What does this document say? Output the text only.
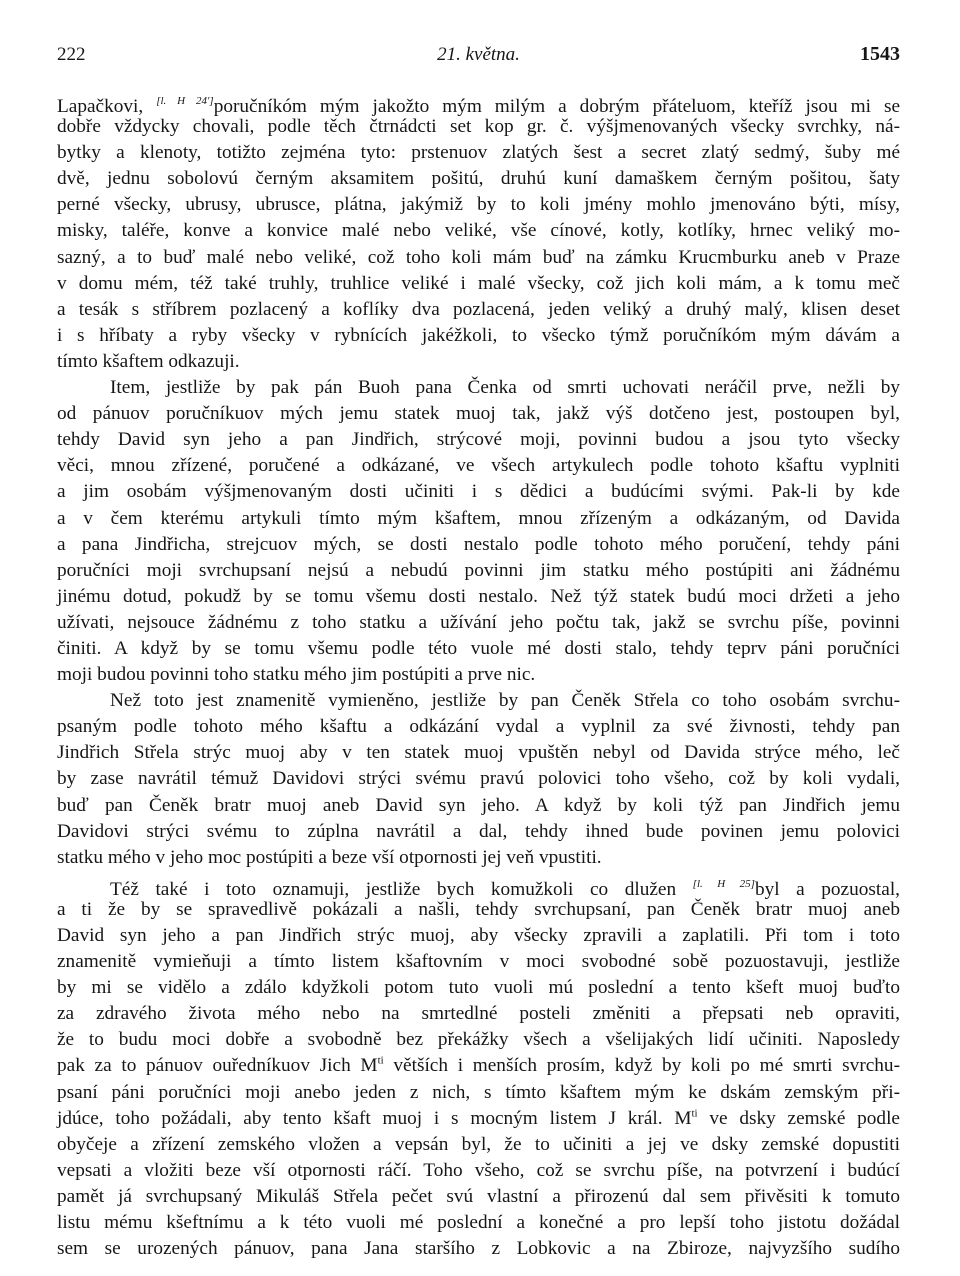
222	21. května.	1543
Lapačkovi, [l. H 24']poručníkóm mým jakožto mým milým a dobrým přáteluom, kteříž jsou mi se
dobře vždycky chovali, podle těch čtrnádcti set kop gr. č. výšjmenovaných všecky svrchky, ná-
bytky a klenoty, totižto zejména tyto: prstenuov zlatých šest a secret zlatý sedmý, šuby mé
dvě, jednu sobolovú černým aksamitem pošitú, druhú kuní damaškem černým pošitou, šaty
perné všecky, ubrusy, ubrusce, plátna, jakýmiž by to koli jmény mohlo jmenováno býti, mísy,
misky, taléře, konve a konvice malé nebo veliké, vše cínové, kotly, kotlíky, hrnec veliký mo-
sazný, a to buď malé nebo veliké, což toho koli mám buď na zámku Krucmburku aneb v Praze
v domu mém, též také truhly, truhlice veliké i malé všecky, což jich koli mám, a k tomu meč
a tesák s stříbrem pozlacený a koflíky dva pozlacená, jeden veliký a druhý malý, klisen deset
i s hříbaty a ryby všecky v rybnících jakéžkoli, to všecko týmž poručníkóm mým dávám a
tímto kšaftem odkazuji.
Item, jestliže by pak pán Buoh pana Čenka od smrti uchovati neráčil prve, nežli by
od pánuov poručníkuov mých jemu statek muoj tak, jakž výš dotčeno jest, postoupen byl,
tehdy David syn jeho a pan Jindřich, strýcové moji, povinni budou a jsou tyto všecky
věci, mnou zřízené, poručené a odkázané, ve všech artykulech podle tohoto kšaftu vyplniti
a jim osobám výšjmenovaným dosti učiniti i s dědici a budúcími svými. Pak-li by kde
a v čem kterému artykuli tímto mým kšaftem, mnou zřízeným a odkázaným, od Davida
a pana Jindřicha, strejcuov mých, se dosti nestalo podle tohoto mého poručení, tehdy páni
poručníci moji svrchupsaní nejsú a nebudú povinni jim statku mého postúpiti ani žádnému
jinému dotud, pokudž by se tomu všemu dosti nestalo. Než týž statek budú moci držeti a jeho
užívati, nejsouce žádnému z toho statku a užívání jeho počtu tak, jakž se svrchu píše, povinni
činiti. A když by se tomu všemu podle této vuole mé dosti stalo, tehdy teprv páni poručníci
moji budou povinni toho statku mého jim postúpiti a prve nic.
Než toto jest znamenitě vymieněno, jestliže by pan Čeněk Střela co toho osobám svrchu-
psaným podle tohoto mého kšaftu a odkázání vydal a vyplnil za své živnosti, tehdy pan
Jindřich Střela strýc muoj aby v ten statek muoj vpuštěn nebyl od Davida strýce mého, leč
by zase navrátil témuž Davidovi strýci svému pravú polovici toho všeho, což by koli vydali,
buď pan Čeněk bratr muoj aneb David syn jeho. A když by koli týž pan Jindřich jemu
Davidovi strýci svému to zúplna navrátil a dal, tehdy ihned bude povinen jemu polovici
statku mého v jeho moc postúpiti a beze vší otpornosti jej veň vpustiti.
Též také i toto oznamuji, jestliže bych komužkoli co dlužen [l. H 25]byl a pozuostal,
a ti že by se spravedlivě pokázali a našli, tehdy svrchupsaní, pan Čeněk bratr muoj aneb
David syn jeho a pan Jindřich strýc muoj, aby všecky zpravili a zaplatili. Při tom i toto
znamenitě vymieňuji a tímto listem kšaftovním v moci svobodné sobě pozuostavuji, jestliže
by mi se vidělo a zdálo kdyžkoli potom tuto vuoli mú poslední a tento kšeft muoj buďto
za zdravého života mého nebo na smrtedlné posteli změniti a přepsati neb opraviti,
že to budu moci dobře a svobodně bez překážky všech a všelijakých lidí učiniti. Naposledy
pak za to pánuov ouředníkuov Jich $M^{ti}$ větších i menších prosím, když by koli po mé smrti svrchu-
psaní páni poručníci moji anebo jeden z nich, s tímto kšaftem mým ke dskám zemským při-
jdúce, toho požádali, aby tento kšaft muoj i s mocným listem J král. $M^{ti}$ ve dsky zemské podle
obyčeje a zřízení zemského vložen a vepsán byl, že to učiniti a jej ve dsky zemské dopustiti
vepsati a vložiti beze vší otpornosti ráčí. Toho všeho, což se svrchu píše, na potvrzení i budúcí
pamět já svrchupsaný Mikuláš Střela pečet svú vlastní a přirozenú dal sem přivěsiti k tomuto
listu mému kšeftnímu a k této vuoli mé poslední a konečné a pro lepší toho jistotu dožádal
sem se urozených pánuov, pana Jana staršího z Lobkovic a na Zbiroze, najvyzšího sudího
